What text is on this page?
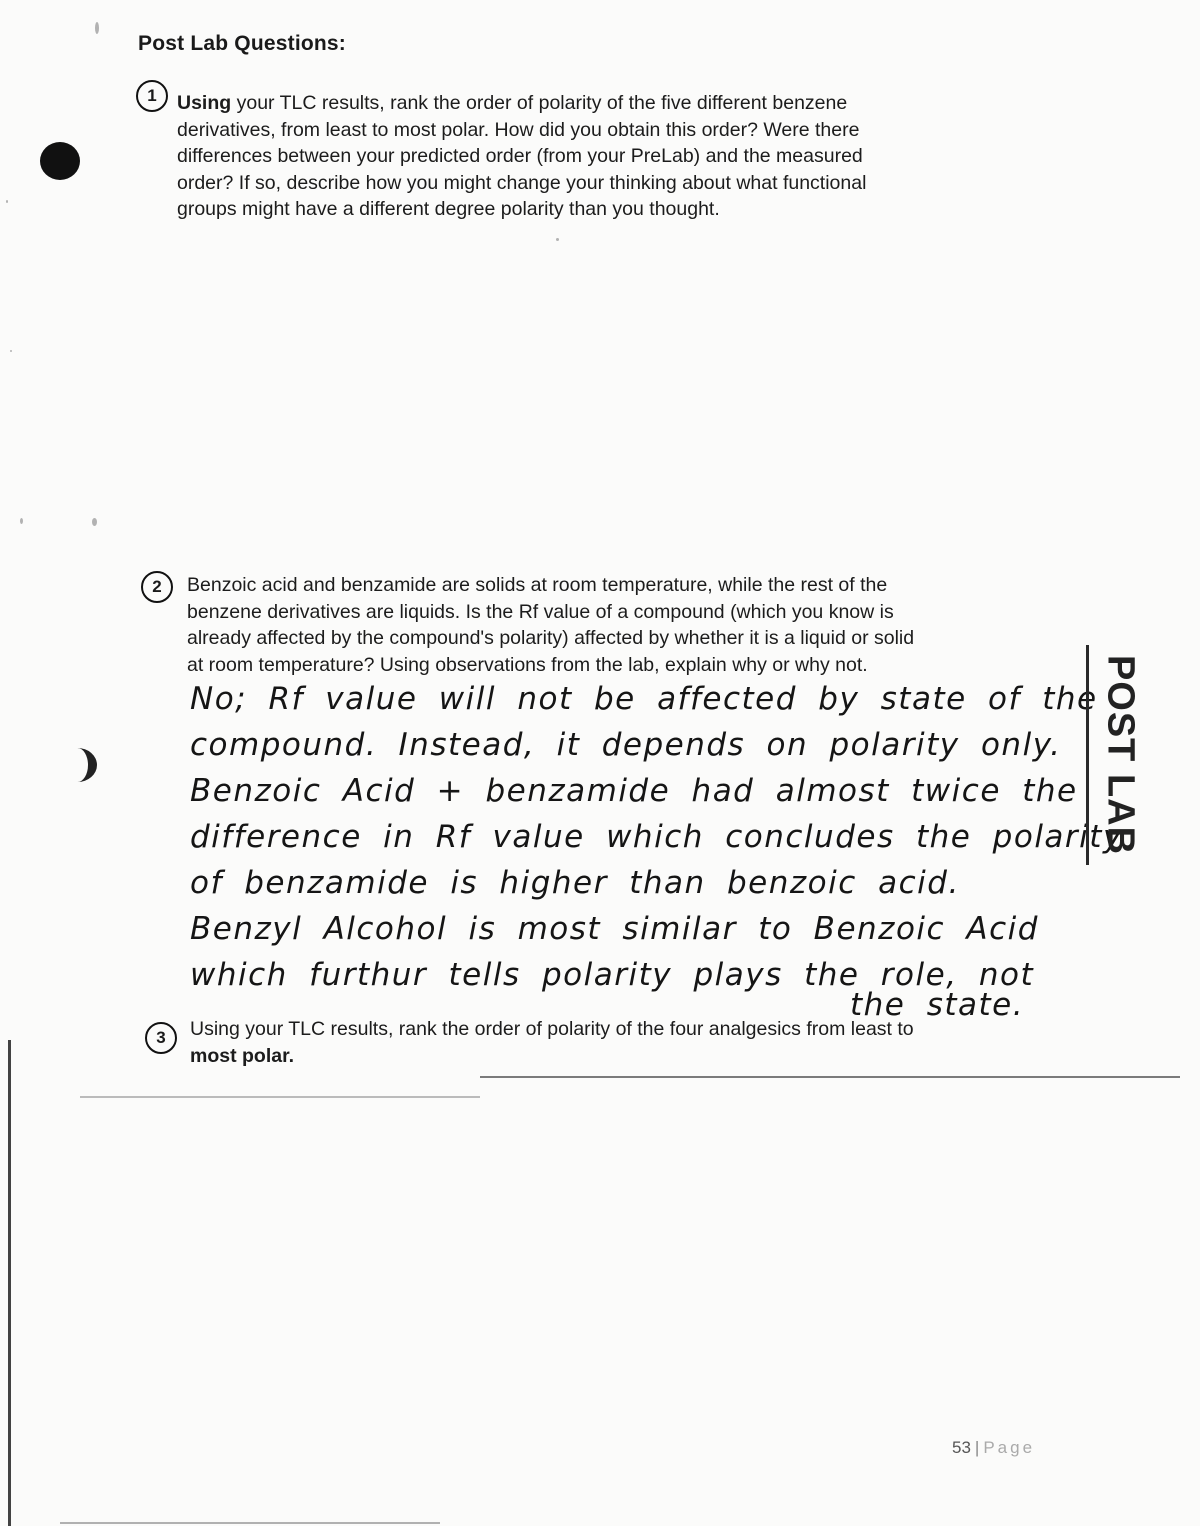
Post Lab Questions:
1	Using your TLC results, rank the order of polarity of the five different benzene
derivatives, from least to most polar. How did you obtain this order? Were there
differences between your predicted order (from your PreLab) and the measured
order? If so, describe how you might change your thinking about what functional
groups might have a different degree polarity than you thought.
2	Benzoic acid and benzamide are solids at room temperature, while the rest of the
benzene derivatives are liquids. Is the Rf value of a compound (which you know is
already affected by the compound's polarity) affected by whether it is a liquid or solid
at room temperature? Using observations from the lab, explain why or why not.
No; Rf value will not be affected by state of the
compound. Instead, it depends on polarity only.
Benzoic Acid + benzamide had almost twice the
difference in Rf value which concludes the polarity
of benzamide is higher than benzoic acid.
Benzyl Alcohol is most similar to Benzoic Acid
which furthur tells polarity plays the role, not
the state.
POST LAB
3	Using your TLC results, rank the order of polarity of the four analgesics from least to
most polar.
53 | Page
